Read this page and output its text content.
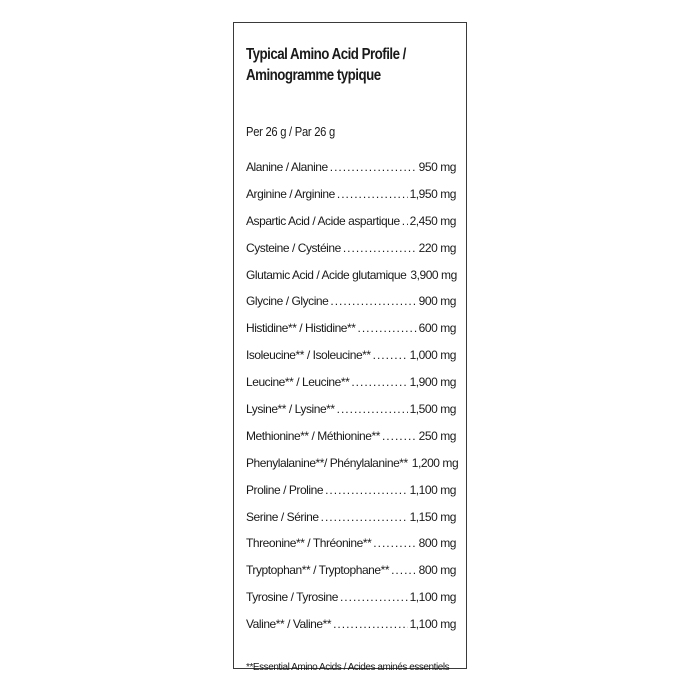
Typical Amino Acid Profile /
Aminogramme typique
Per 26 g / Par 26 g
Alanine / Alanine .....	950 mg
Arginine / Arginine .....	1,950 mg
Aspartic Acid / Acide aspartique ..... 2,450 mg
Cysteine / Cystéine .....	220 mg
Glutamic Acid / Acide glutamique 3,900 mg
Glycine / Glycine .....	900 mg
Histidine** / Histidine** .....	600 mg
Isoleucine** / Isoleucine** .....	1,000 mg
Leucine** / Leucine** .....	1,900 mg
Lysine** / Lysine** .....	1,500 mg
Methionine** / Méthionine** .....	250 mg
Phenylalanine**/ Phénylalanine** 1,200 mg
Proline / Proline .....	1,100 mg
Serine / Sérine .....	1,150 mg
Threonine** / Thréonine** .....	800 mg
Tryptophan** / Tryptophane** ..... 800 mg
Tyrosine / Tyrosine .....	1,100 mg
Valine** / Valine** .....	1,100 mg
**Essential Amino Acids / Acides aminés essentiels
